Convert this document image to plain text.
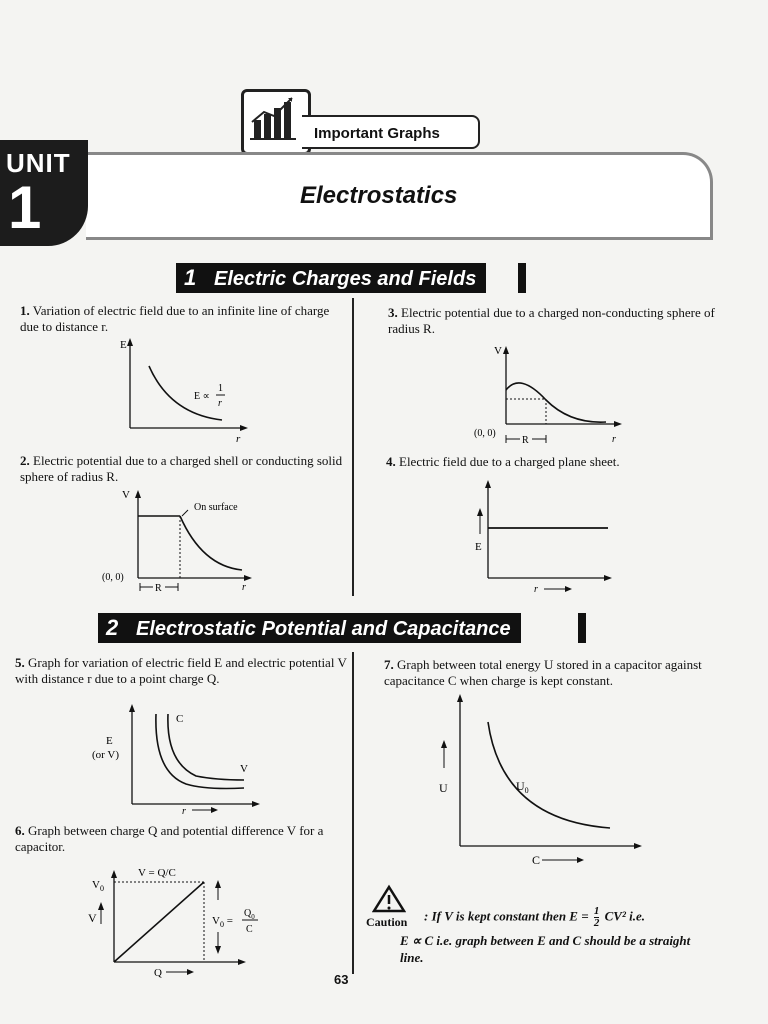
Important Graphs
UNIT
1	Electrostatics
1 Electric Charges and Fields
1. Variation of electric field due to an infinite line of charge due to distance r.
E
r
E ∝
1
r
2. Electric potential due to a charged shell or conducting solid sphere of radius R.
V
On surface
(0, 0)
R	r
3. Electric potential due to a charged non-conducting sphere of radius R.
V
(0, 0)
R	r
4. Electric field due to a charged plane sheet.
E
r
2 Electrostatic Potential and Capacitance
5. Graph for variation of electric field E and electric potential V with distance r due to a point charge Q.
C
V
E
(or V)
r
6. Graph between charge Q and potential difference V for a capacitor.
V = Q/C
$V_0$
V	$V_0$ =
$Q_0$
C
Q
7. Graph between total energy U stored in a capacitor against capacitance C when charge is kept constant.
U	$U_0$
C
Caution : If V is kept constant then $E = \frac{1}{2} CV^2$ i.e.
E ∝ C i.e. graph between E and C should be a straight line.
63
